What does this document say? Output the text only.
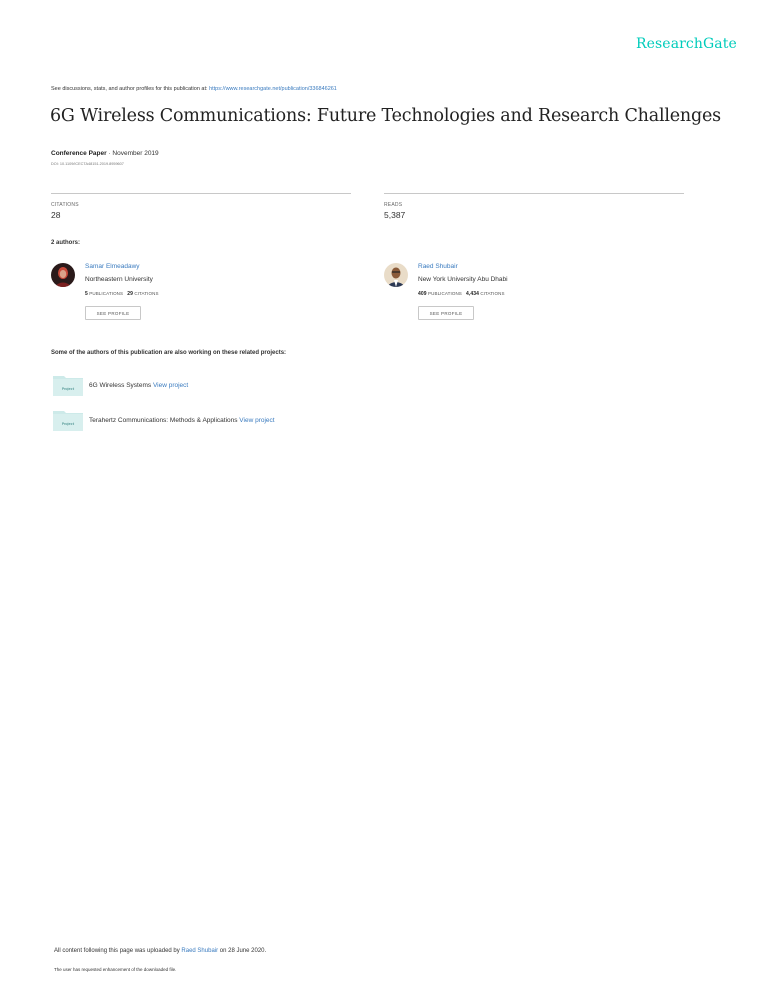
ResearchGate
See discussions, stats, and author profiles for this publication at: https://www.researchgate.net/publication/336846261
6G Wireless Communications: Future Technologies and Research Challenges
Conference Paper · November 2019
DOI: 10.1109/ICECTA48151.2019.8959607
CITATIONS
28
READS
5,387
2 authors:
Samar Elmeadawy
Northeastern University
5 PUBLICATIONS 29 CITATIONS
SEE PROFILE
Raed Shubair
New York University Abu Dhabi
409 PUBLICATIONS 4,434 CITATIONS
SEE PROFILE
Some of the authors of this publication are also working on these related projects:
Project 6G Wireless Systems View project
Project Terahertz Communications: Methods & Applications View project
All content following this page was uploaded by Raed Shubair on 28 June 2020.
The user has requested enhancement of the downloaded file.
